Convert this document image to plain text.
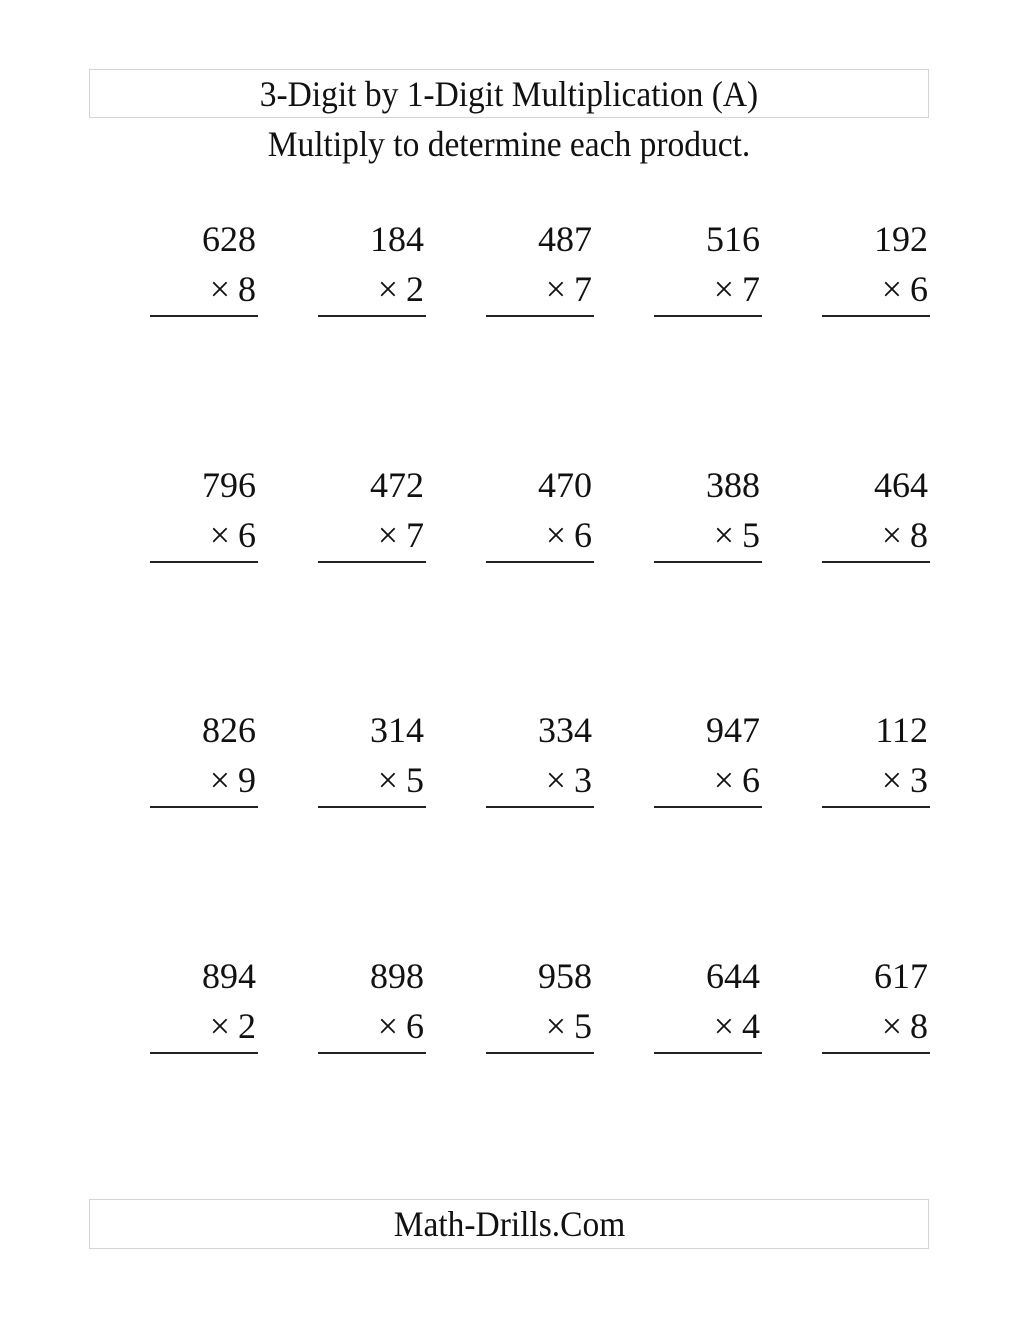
3-Digit by 1-Digit Multiplication (A)
Multiply to determine each product.
628
× 8
184
× 2
487
× 7
516
× 7
192
× 6
796
× 6
472
× 7
470
× 6
388
× 5
464
× 8
826
× 9
314
× 5
334
× 3
947
× 6
112
× 3
894
× 2
898
× 6
958
× 5
644
× 4
617
× 8
Math-Drills.Com
